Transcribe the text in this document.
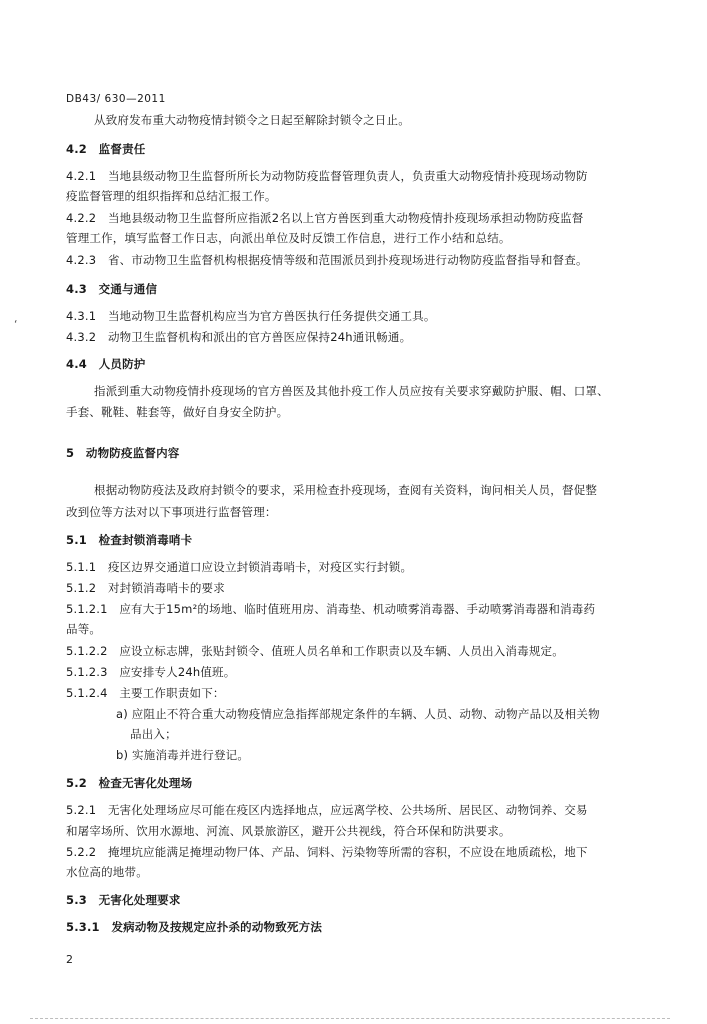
DB43/ 630—2011
从致府发布重大动物疫情封锁令之日起至解除封锁令之日止。
4.2　监督责任
4.2.1　当地县级动物卫生监督所所长为动物防疫监督管理负责人，负责重大动物疫情扑疫现场动物防
疫监督管理的组织指挥和总结汇报工作。
4.2.2　当地县级动物卫生监督所应指派2名以上官方兽医到重大动物疫情扑疫现场承担动物防疫监督
管理工作，填写监督工作日志，向派出单位及时反馈工作信息，进行工作小结和总结。
4.2.3　省、市动物卫生监督机构根据疫情等级和范围派员到扑疫现场进行动物防疫监督指导和督查。
‘
4.3　交通与通信
4.3.1　当地动物卫生监督机构应当为官方兽医执行任务提供交通工具。
4.3.2　动物卫生监督机构和派出的官方兽医应保持24h通讯畅通。
4.4　人员防护
指派到重大动物疫情扑疫现场的官方兽医及其他扑疫工作人员应按有关要求穿戴防护服、帽、口罩、
手套、靴鞋、鞋套等，做好自身安全防护。
5　动物防疫监督内容
根据动物防疫法及政府封锁令的要求，采用检查扑疫现场，查阅有关资料，询问相关人员，督促整
改到位等方法对以下事项进行监督管理：
5.1　检查封锁消毒哨卡
5.1.1　疫区边界交通道口应设立封锁消毒哨卡，对疫区实行封锁。
5.1.2　对封锁消毒哨卡的要求
5.1.2.1　应有大于15m²的场地、临时值班用房、消毒垫、机动喷雾消毒器、手动喷雾消毒器和消毒药
品等。
5.1.2.2　应设立标志牌，张贴封锁令、值班人员名单和工作职责以及车辆、人员出入消毒规定。
5.1.2.3　应安排专人24h值班。
5.1.2.4　主要工作职责如下：
a) 应阻止不符合重大动物疫情应急指挥部规定条件的车辆、人员、动物、动物产品以及相关物
品出入；
b) 实施消毒并进行登记。
5.2　检查无害化处理场
5.2.1　无害化处理场应尽可能在疫区内选择地点，应远离学校、公共场所、居民区、动物饲养、交易
和屠宰场所、饮用水源地、河流、风景旅游区，避开公共视线，符合环保和防洪要求。
5.2.2　掩埋坑应能满足掩埋动物尸体、产品、饲料、污染物等所需的容积，不应设在地质疏松，地下
水位高的地带。
5.3　无害化处理要求
5.3.1　发病动物及按规定应扑杀的动物致死方法
2
